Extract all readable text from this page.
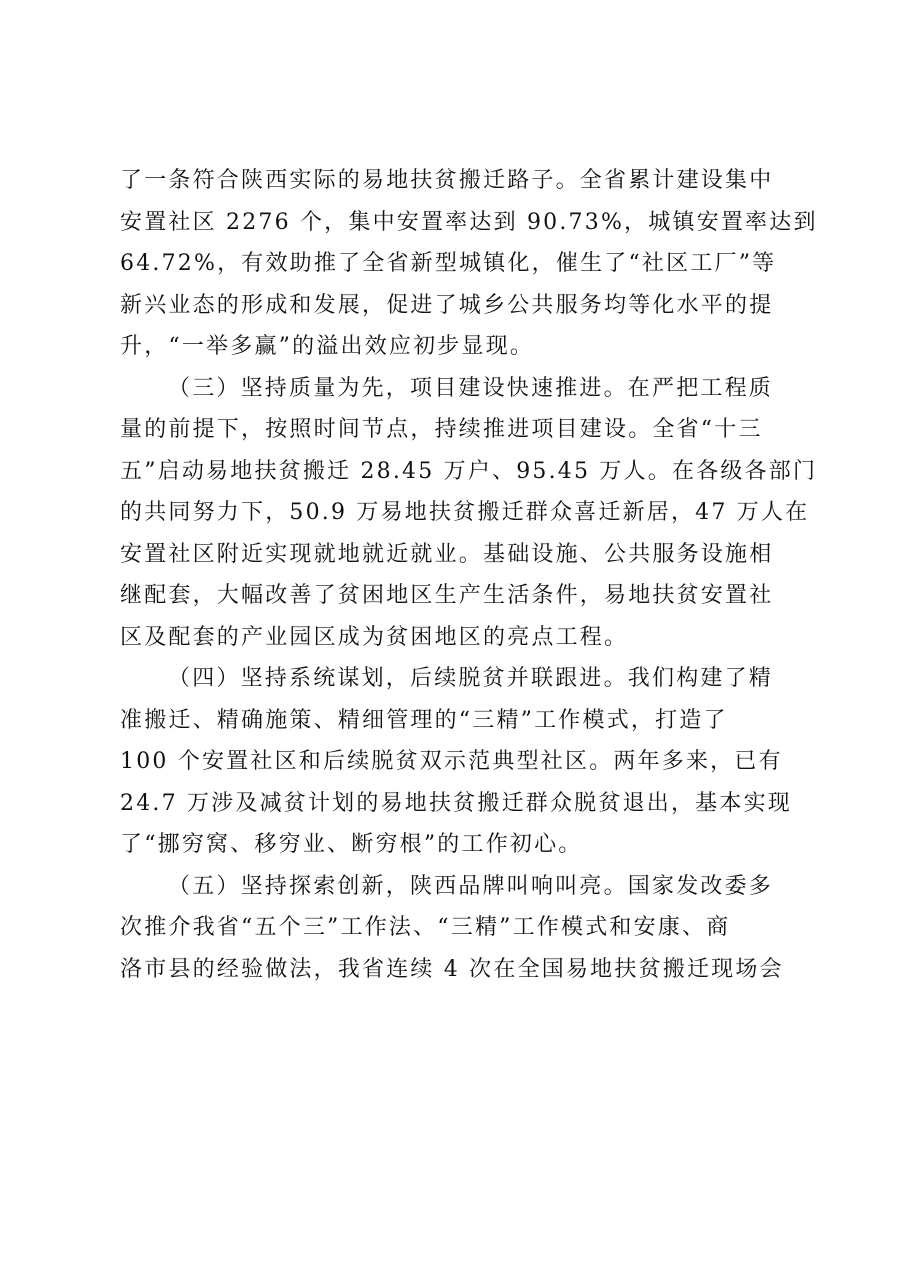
了一条符合陕西实际的易地扶贫搬迁路子。全省累计建设集中
安置社区 2276 个，集中安置率达到 90.73%，城镇安置率达到
64.72%，有效助推了全省新型城镇化，催生了“社区工厂”等
新兴业态的形成和发展，促进了城乡公共服务均等化水平的提
升，“一举多赢”的溢出效应初步显现。
（三）坚持质量为先，项目建设快速推进。在严把工程质
量的前提下，按照时间节点，持续推进项目建设。全省“十三
五”启动易地扶贫搬迁 28.45 万户、95.45 万人。在各级各部门
的共同努力下，50.9 万易地扶贫搬迁群众喜迁新居，47 万人在
安置社区附近实现就地就近就业。基础设施、公共服务设施相
继配套，大幅改善了贫困地区生产生活条件，易地扶贫安置社
区及配套的产业园区成为贫困地区的亮点工程。
（四）坚持系统谋划，后续脱贫并联跟进。我们构建了精
准搬迁、精确施策、精细管理的“三精”工作模式，打造了
100 个安置社区和后续脱贫双示范典型社区。两年多来，已有
24.7 万涉及减贫计划的易地扶贫搬迁群众脱贫退出，基本实现
了“挪穷窝、移穷业、断穷根”的工作初心。
（五）坚持探索创新，陕西品牌叫响叫亮。国家发改委多
次推介我省“五个三”工作法、“三精”工作模式和安康、商
洛市县的经验做法，我省连续 4 次在全国易地扶贫搬迁现场会
